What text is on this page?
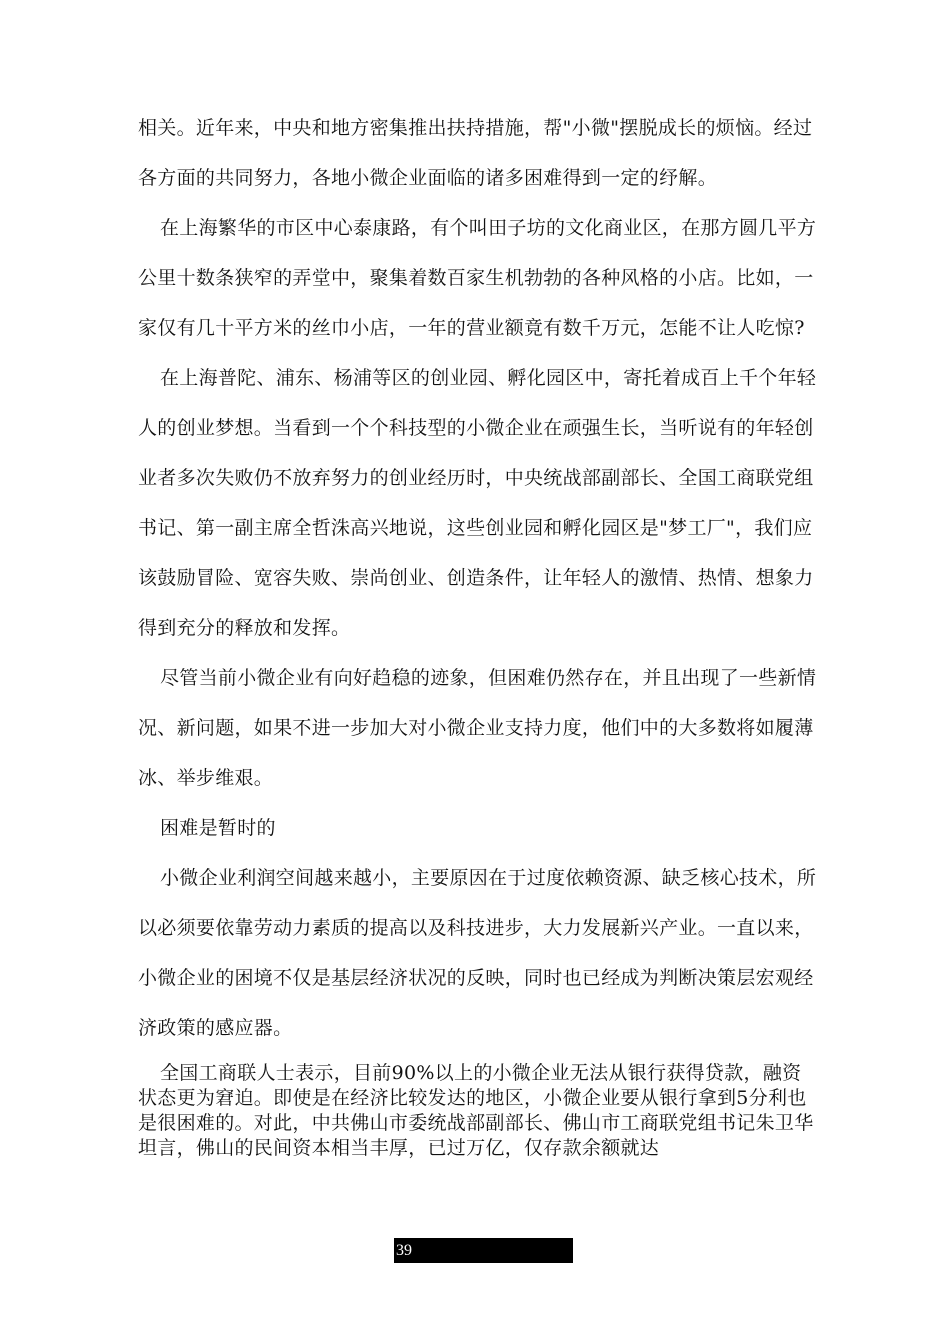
相关。近年来，中央和地方密集推出扶持措施，帮"小微"摆脱成长的烦恼。经过各方面的共同努力，各地小微企业面临的诸多困难得到一定的纾解。

在上海繁华的市区中心泰康路，有个叫田子坊的文化商业区，在那方圆几平方公里十数条狭窄的弄堂中，聚集着数百家生机勃勃的各种风格的小店。比如，一家仅有几十平方米的丝巾小店，一年的营业额竟有数千万元，怎能不让人吃惊?

在上海普陀、浦东、杨浦等区的创业园、孵化园区中，寄托着成百上千个年轻人的创业梦想。当看到一个个科技型的小微企业在顽强生长，当听说有的年轻创业者多次失败仍不放弃努力的创业经历时，中央统战部副部长、全国工商联党组书记、第一副主席全哲洙高兴地说，这些创业园和孵化园区是"梦工厂"，我们应该鼓励冒险、宽容失败、崇尚创业、创造条件，让年轻人的激情、热情、想象力得到充分的释放和发挥。

尽管当前小微企业有向好趋稳的迹象，但困难仍然存在，并且出现了一些新情况、新问题，如果不进一步加大对小微企业支持力度，他们中的大多数将如履薄冰、举步维艰。

困难是暂时的

小微企业利润空间越来越小，主要原因在于过度依赖资源、缺乏核心技术，所以必须要依靠劳动力素质的提高以及科技进步，大力发展新兴产业。一直以来，小微企业的困境不仅是基层经济状况的反映，同时也已经成为判断决策层宏观经济政策的感应器。

全国工商联人士表示，目前90%以上的小微企业无法从银行获得贷款，融资状态更为窘迫。即使是在经济比较发达的地区，小微企业要从银行拿到5分利也是很困难的。对此，中共佛山市委统战部副部长、佛山市工商联党组书记朱卫华坦言，佛山的民间资本相当丰厚，已过万亿，仅存款余额就达

39
